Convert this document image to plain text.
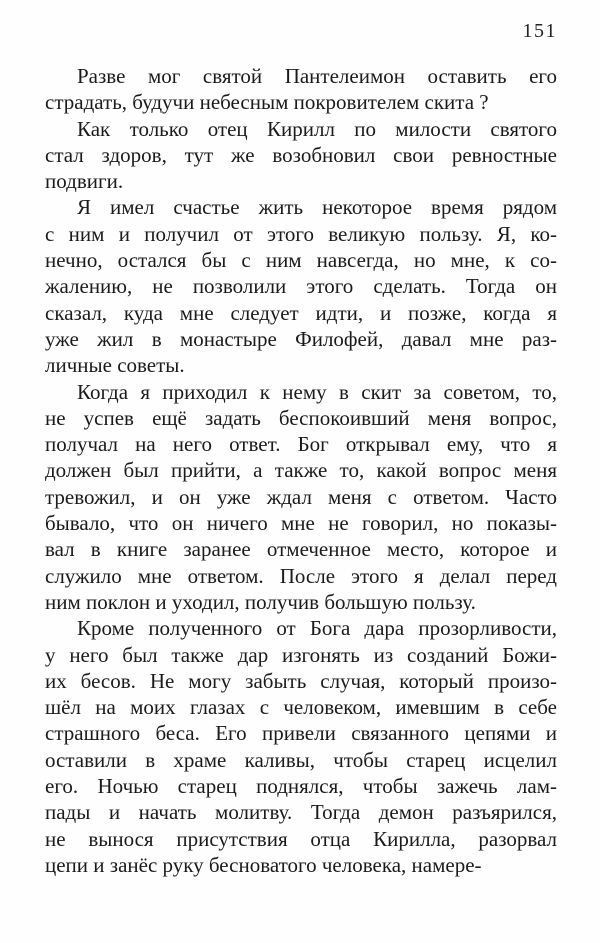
151
Разве мог святой Пантелеимон оставить его
страдать, будучи небесным покровителем скита ?
Как только отец Кирилл по милости святого
стал здоров, тут же возобновил свои ревностные
подвиги.
Я имел счастье жить некоторое время рядом
с ним и получил от этого великую пользу. Я, ко-
нечно, остался бы с ним навсегда, но мне, к со-
жалению, не позволили этого сделать. Тогда он
сказал, куда мне следует идти, и позже, когда я
уже жил в монастыре Филофей, давал мне раз-
личные советы.
Когда я приходил к нему в скит за советом, то,
не успев ещё задать беспокоивший меня вопрос,
получал на него ответ. Бог открывал ему, что я
должен был прийти, а также то, какой вопрос меня
тревожил, и он уже ждал меня с ответом. Часто
бывало, что он ничего мне не говорил, но показы-
вал в книге заранее отмеченное место, которое и
служило мне ответом. После этого я делал перед
ним поклон и уходил, получив большую пользу.
Кроме полученного от Бога дара прозорливости,
у него был также дар изгонять из созданий Божи-
их бесов. Не могу забыть случая, который произо-
шёл на моих глазах с человеком, имевшим в себе
страшного беса. Его привели связанного цепями и
оставили в храме каливы, чтобы старец исцелил
его. Ночью старец поднялся, чтобы зажечь лам-
пады и начать молитву. Тогда демон разъярился,
не вынося присутствия отца Кирилла, разорвал
цепи и занёс руку бесноватого человека, намере-
